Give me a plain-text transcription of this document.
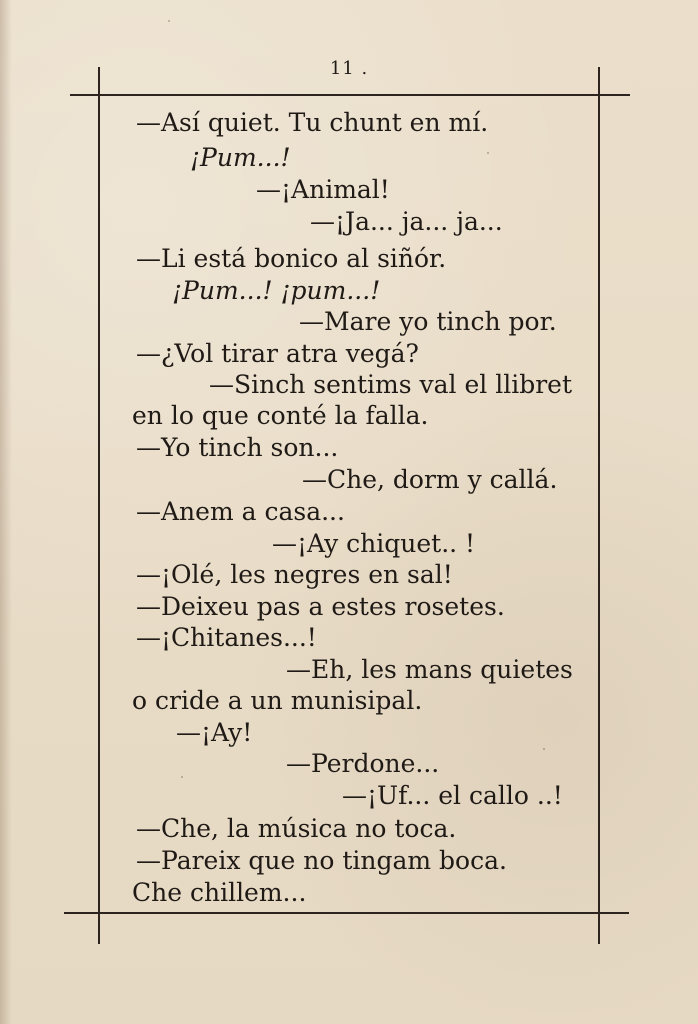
11 .
—Así quiet. Tu chunt en mí.
¡Pum...!
—¡Animal!
—¡Ja... ja... ja...
—Li está bonico al siñór.
¡Pum...! ¡pum...!
—Mare yo tinch por.
—¿Vol tirar atra vegá?
—Sinch sentims val el llibret
en lo que conté la falla.
—Yo tinch son...
—Che, dorm y callá.
—Anem a casa...
—¡Ay chiquet.. !
—¡Olé, les negres en sal!
—Deixeu pas a estes rosetes.
—¡Chitanes...!
—Eh, les mans quietes
o cride a un munisipal.
—¡Ay!
—Perdone...
—¡Uf... el callo ..!
—Che, la música no toca.
—Pareix que no tingam boca.
Che chillem...
